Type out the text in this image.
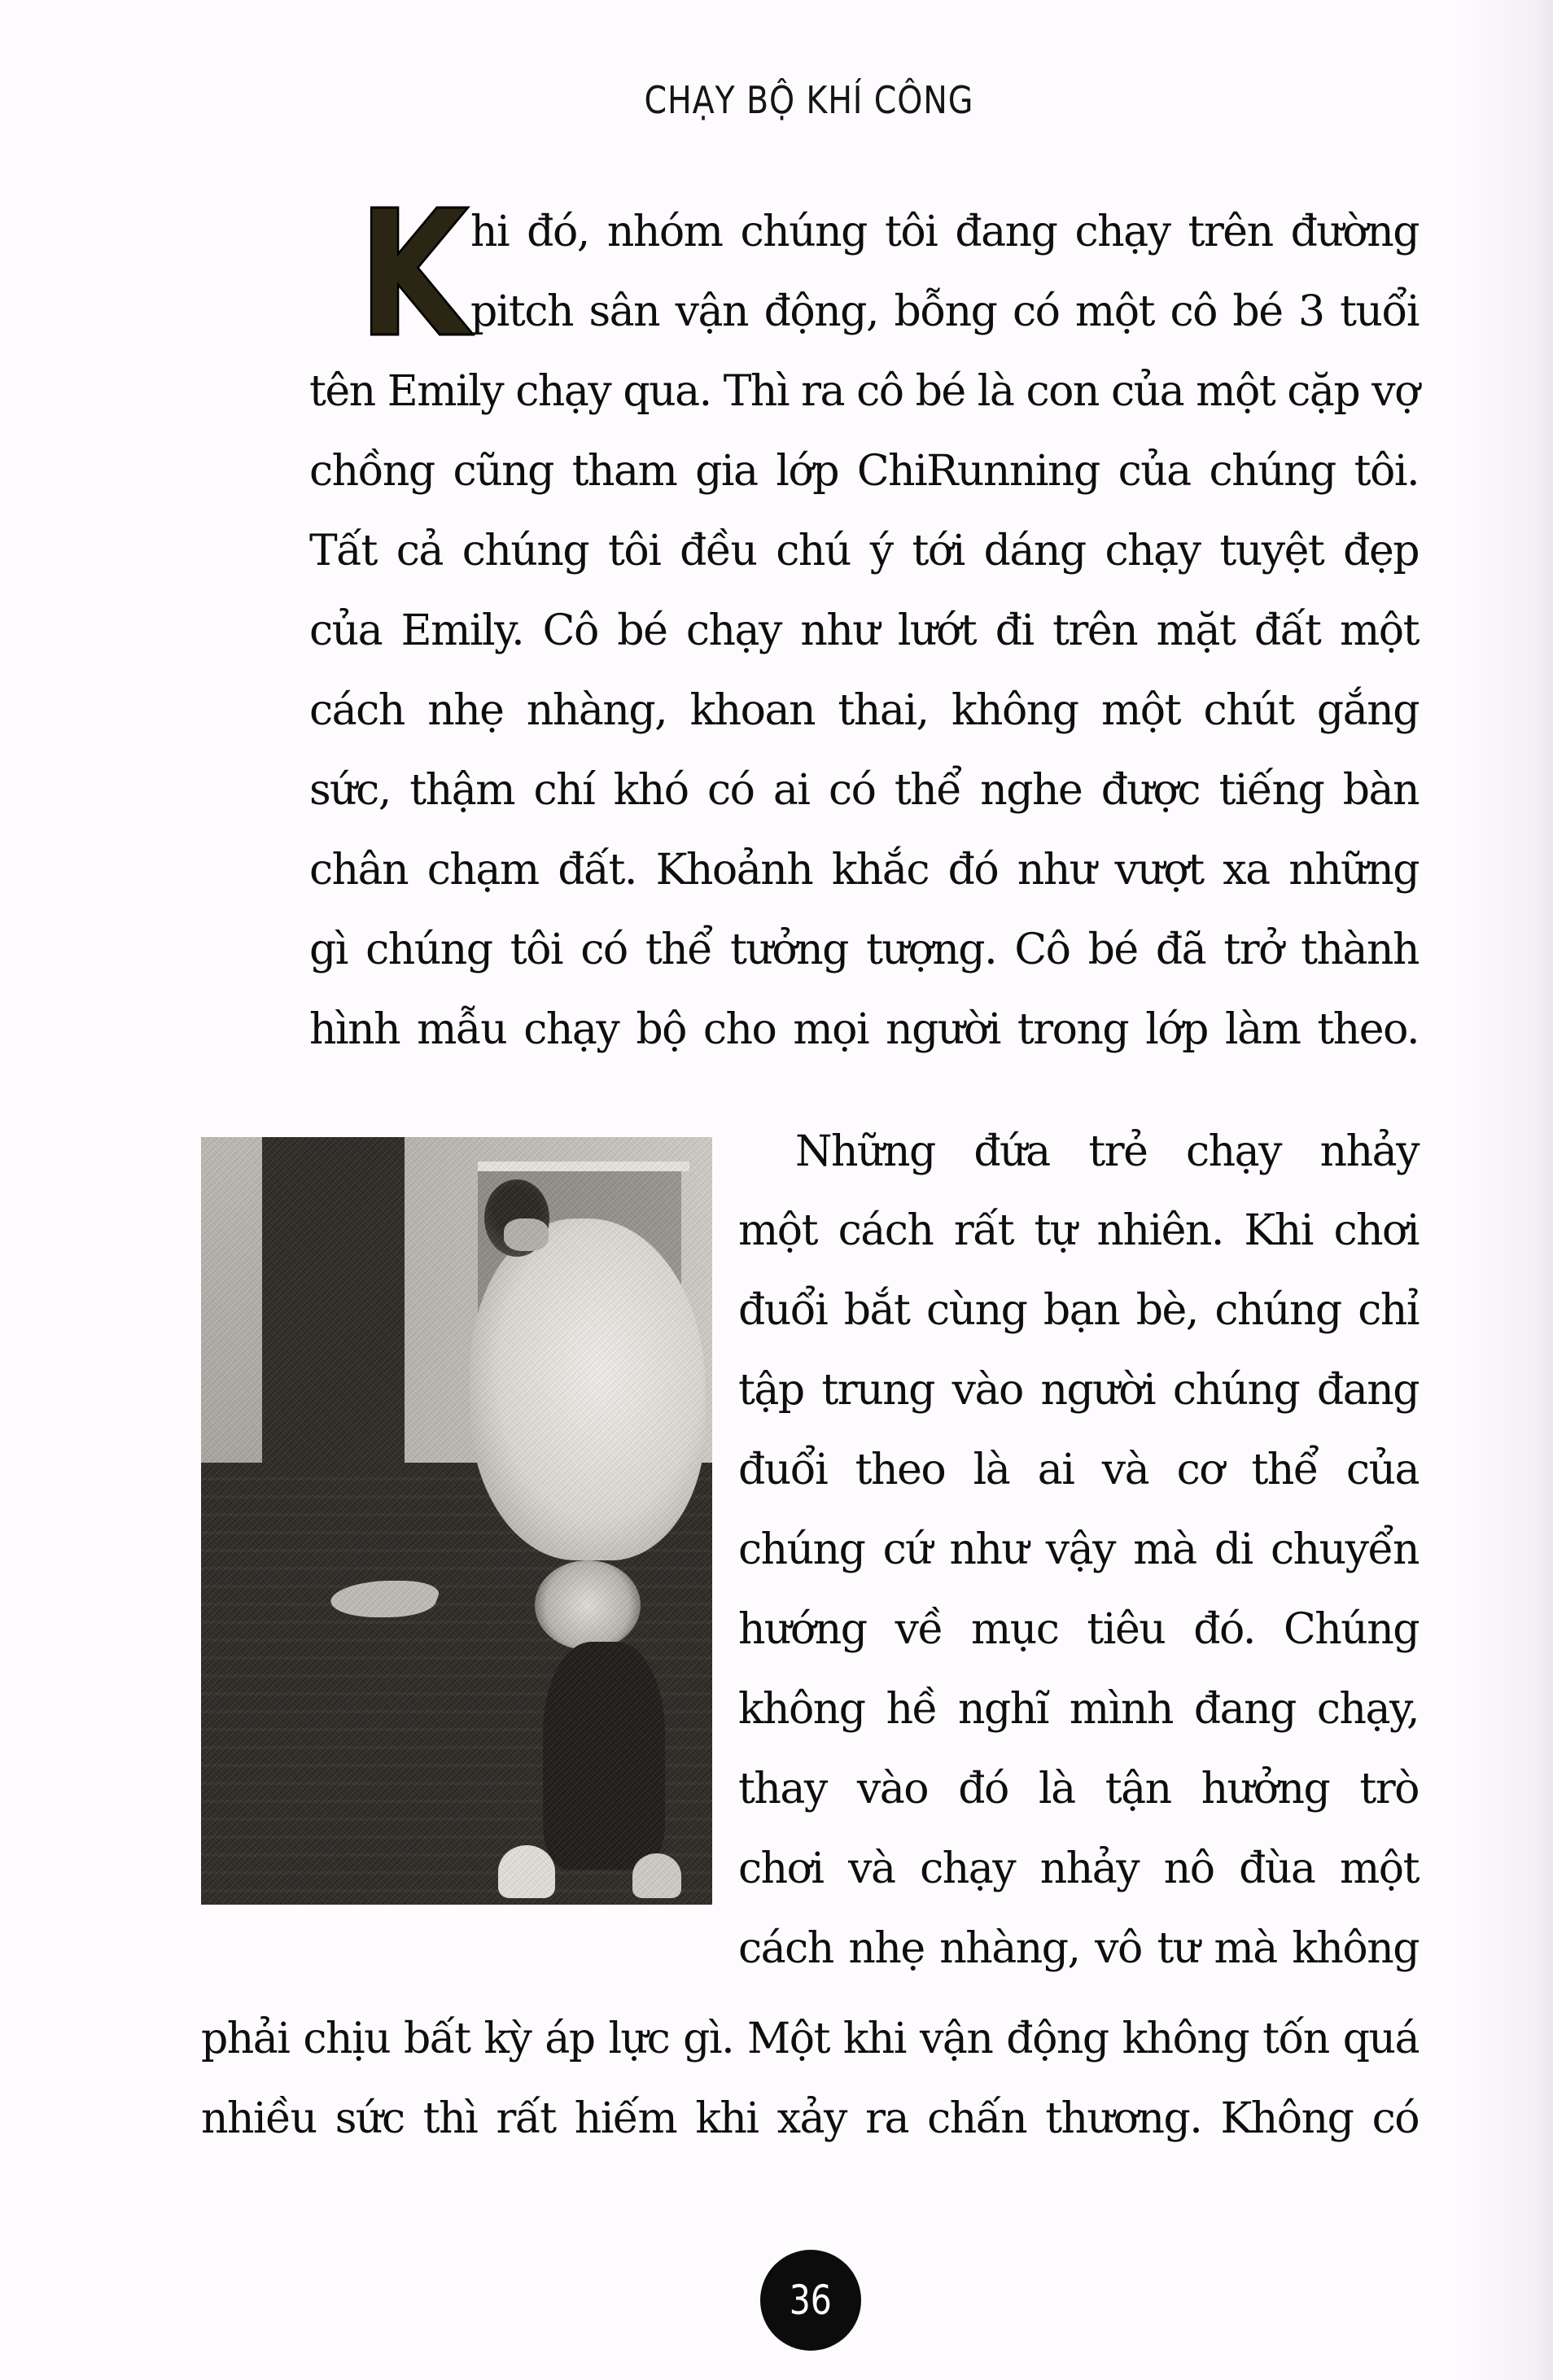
CHẠY BỘ KHÍ CÔNG
K hi đó, nhóm chúng tôi đang chạy trên đường
pitch sân vận động, bỗng có một cô bé 3 tuổi
tên Emily chạy qua. Thì ra cô bé là con của một cặp vợ
chồng cũng tham gia lớp ChiRunning của chúng tôi.
Tất cả chúng tôi đều chú ý tới dáng chạy tuyệt đẹp
của Emily. Cô bé chạy như lướt đi trên mặt đất một
cách nhẹ nhàng, khoan thai, không một chút gắng
sức, thậm chí khó có ai có thể nghe được tiếng bàn
chân chạm đất. Khoảnh khắc đó như vượt xa những
gì chúng tôi có thể tưởng tượng. Cô bé đã trở thành
hình mẫu chạy bộ cho mọi người trong lớp làm theo.
Những đứa trẻ chạy nhảy
một cách rất tự nhiên. Khi chơi
đuổi bắt cùng bạn bè, chúng chỉ
tập trung vào người chúng đang
đuổi theo là ai và cơ thể của
chúng cứ như vậy mà di chuyển
hướng về mục tiêu đó. Chúng
không hề nghĩ mình đang chạy,
thay vào đó là tận hưởng trò
chơi và chạy nhảy nô đùa một
cách nhẹ nhàng, vô tư mà không
phải chịu bất kỳ áp lực gì. Một khi vận động không tốn quá
nhiều sức thì rất hiếm khi xảy ra chấn thương. Không có
36
